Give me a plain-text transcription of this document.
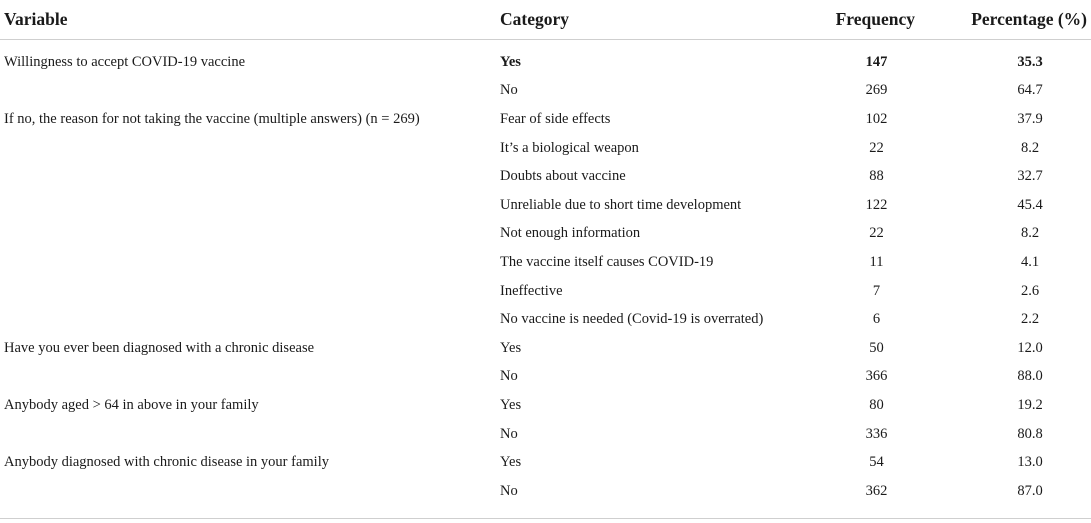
Variable	Category	Frequency	Percentage (%)
Willingness to accept COVID-19 vaccine	Yes	147	35.3
	No	269	64.7
If no, the reason for not taking the vaccine (multiple answers) (n = 269)	Fear of side effects	102	37.9
	It’s a biological weapon	22	8.2
	Doubts about vaccine	88	32.7
	Unreliable due to short time development	122	45.4
	Not enough information	22	8.2
	The vaccine itself causes COVID-19	11	4.1
	Ineffective	7	2.6
	No vaccine is needed (Covid-19 is overrated)	6	2.2
Have you ever been diagnosed with a chronic disease	Yes	50	12.0
	No	366	88.0
Anybody aged > 64 in above in your family	Yes	80	19.2
	No	336	80.8
Anybody diagnosed with chronic disease in your family	Yes	54	13.0
	No	362	87.0
